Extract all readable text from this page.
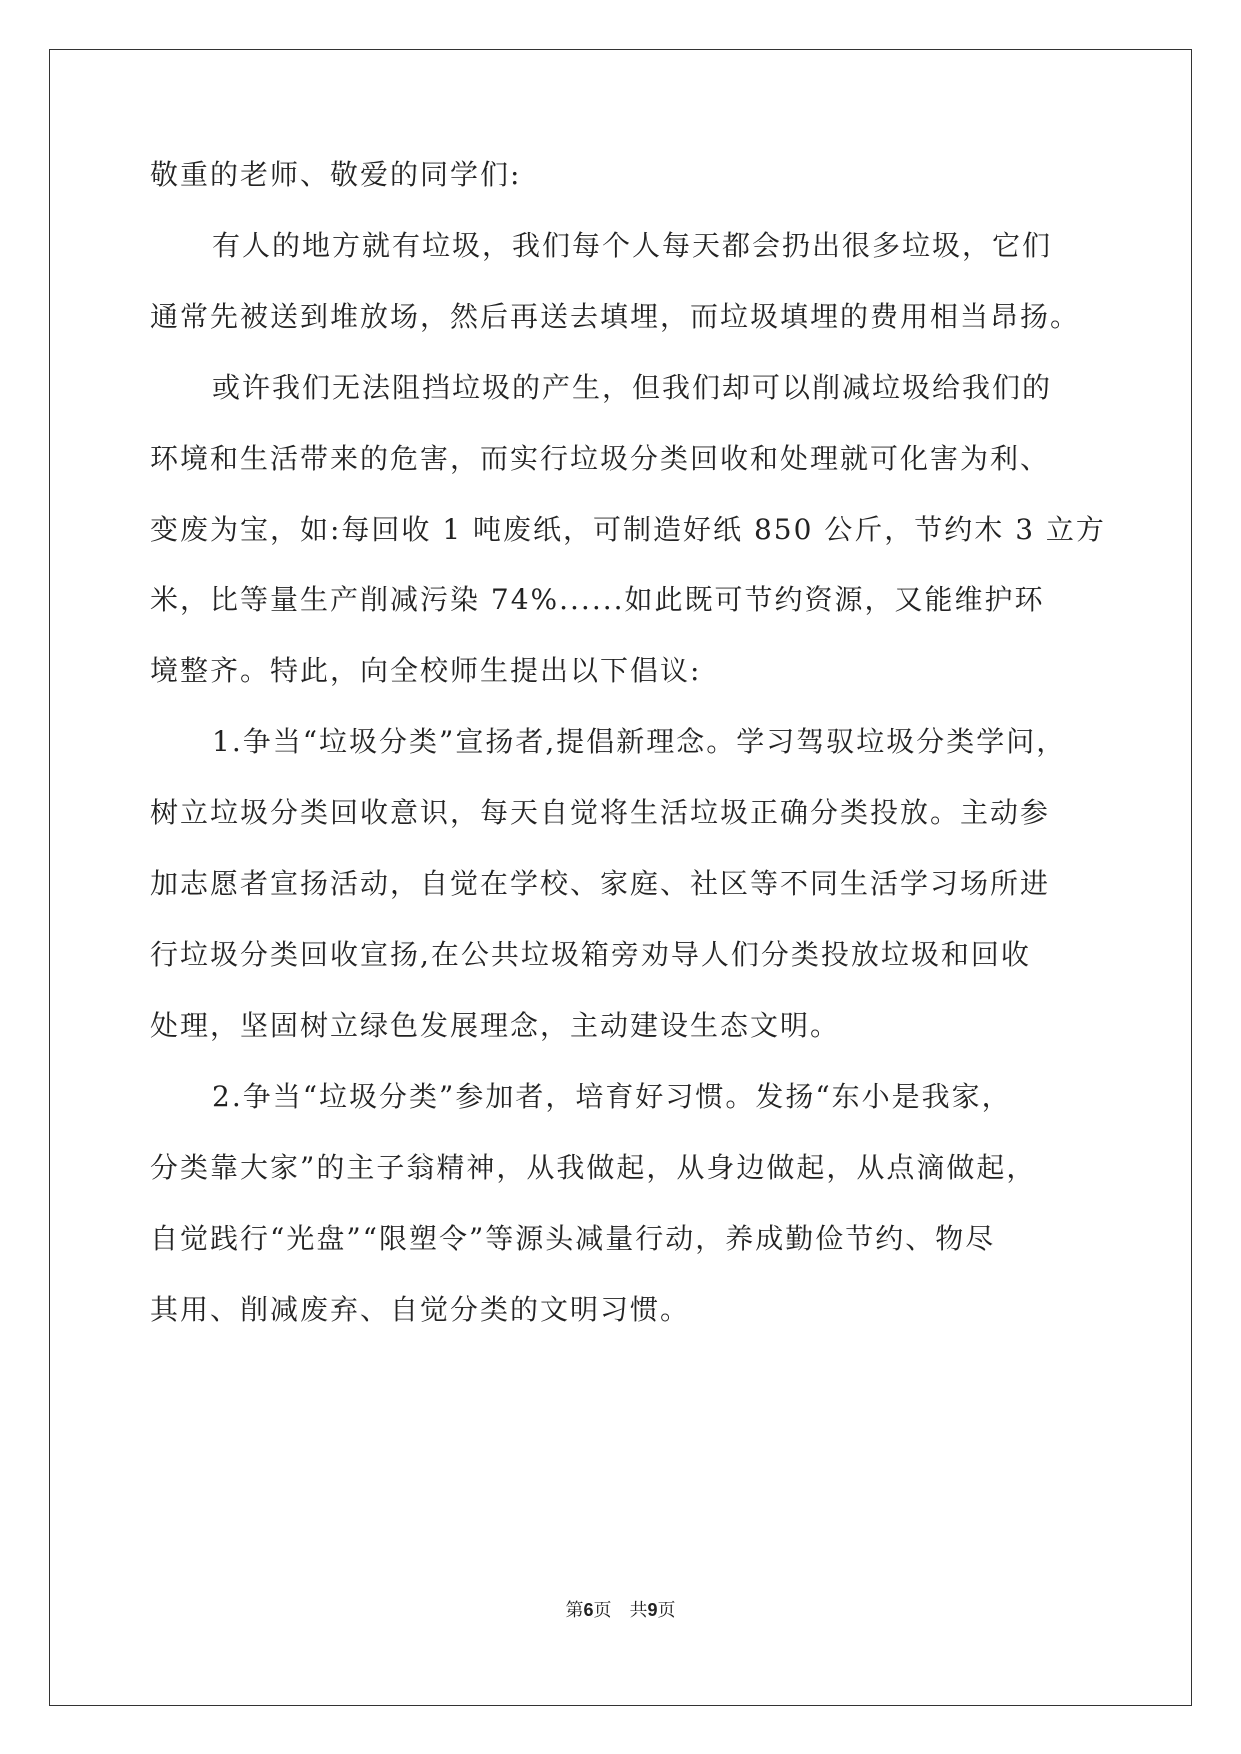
敬重的老师、敬爱的同学们:
有人的地方就有垃圾，我们每个人每天都会扔出很多垃圾，它们
通常先被送到堆放场，然后再送去填埋，而垃圾填埋的费用相当昂扬。
或许我们无法阻挡垃圾的产生，但我们却可以削减垃圾给我们的
环境和生活带来的危害，而实行垃圾分类回收和处理就可化害为利、
变废为宝，如:每回收 1 吨废纸，可制造好纸 850 公斤，节约木 3 立方
米，比等量生产削减污染 74%......如此既可节约资源，又能维护环
境整齐。特此，向全校师生提出以下倡议:
1.争当“垃圾分类”宣扬者,提倡新理念。学习驾驭垃圾分类学问，
树立垃圾分类回收意识，每天自觉将生活垃圾正确分类投放。主动参
加志愿者宣扬活动，自觉在学校、家庭、社区等不同生活学习场所进
行垃圾分类回收宣扬,在公共垃圾箱旁劝导人们分类投放垃圾和回收
处理，坚固树立绿色发展理念，主动建设生态文明。
2.争当“垃圾分类”参加者，培育好习惯。发扬“东小是我家，
分类靠大家”的主子翁精神，从我做起，从身边做起，从点滴做起，
自觉践行“光盘”“限塑令”等源头减量行动，养成勤俭节约、物尽
其用、削减废弃、自觉分类的文明习惯。
第6页　共9页
